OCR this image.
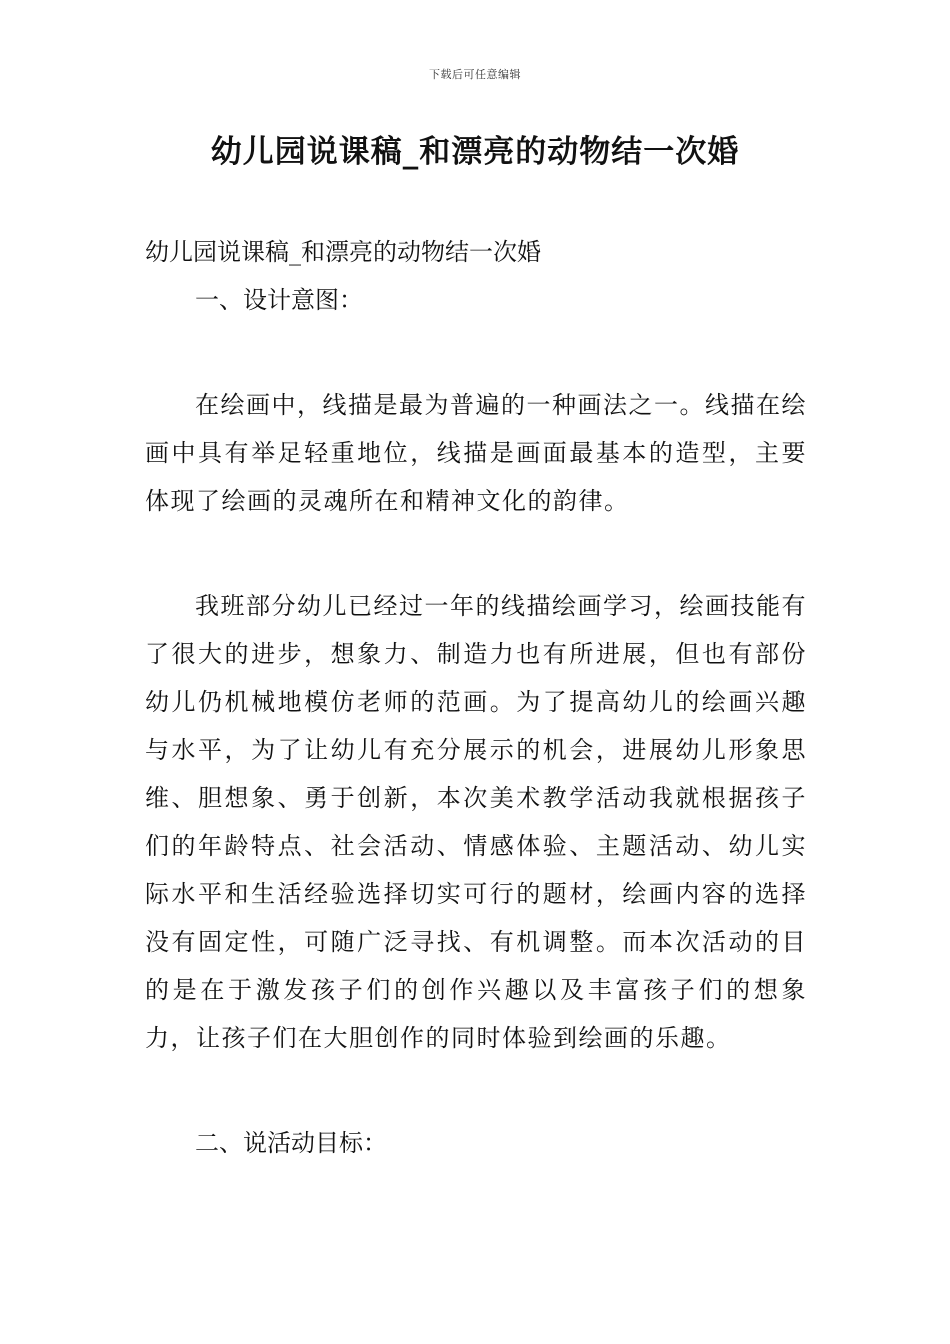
下载后可任意编辑
幼儿园说课稿_和漂亮的动物结一次婚

幼儿园说课稿_和漂亮的动物结一次婚

一、设计意图：

在绘画中，线描是最为普遍的一种画法之一。线描在绘画中具有举足轻重地位，线描是画面最基本的造型，主要体现了绘画的灵魂所在和精神文化的韵律。

我班部分幼儿已经过一年的线描绘画学习，绘画技能有了很大的进步，想象力、制造力也有所进展，但也有部份幼儿仍机械地模仿老师的范画。为了提高幼儿的绘画兴趣与水平，为了让幼儿有充分展示的机会，进展幼儿形象思维、胆想象、勇于创新，本次美术教学活动我就根据孩子们的年龄特点、社会活动、情感体验、主题活动、幼儿实际水平和生活经验选择切实可行的题材，绘画内容的选择没有固定性，可随广泛寻找、有机调整。而本次活动的目的是在于激发孩子们的创作兴趣以及丰富孩子们的想象力，让孩子们在大胆创作的同时体验到绘画的乐趣。

二、说活动目标：
